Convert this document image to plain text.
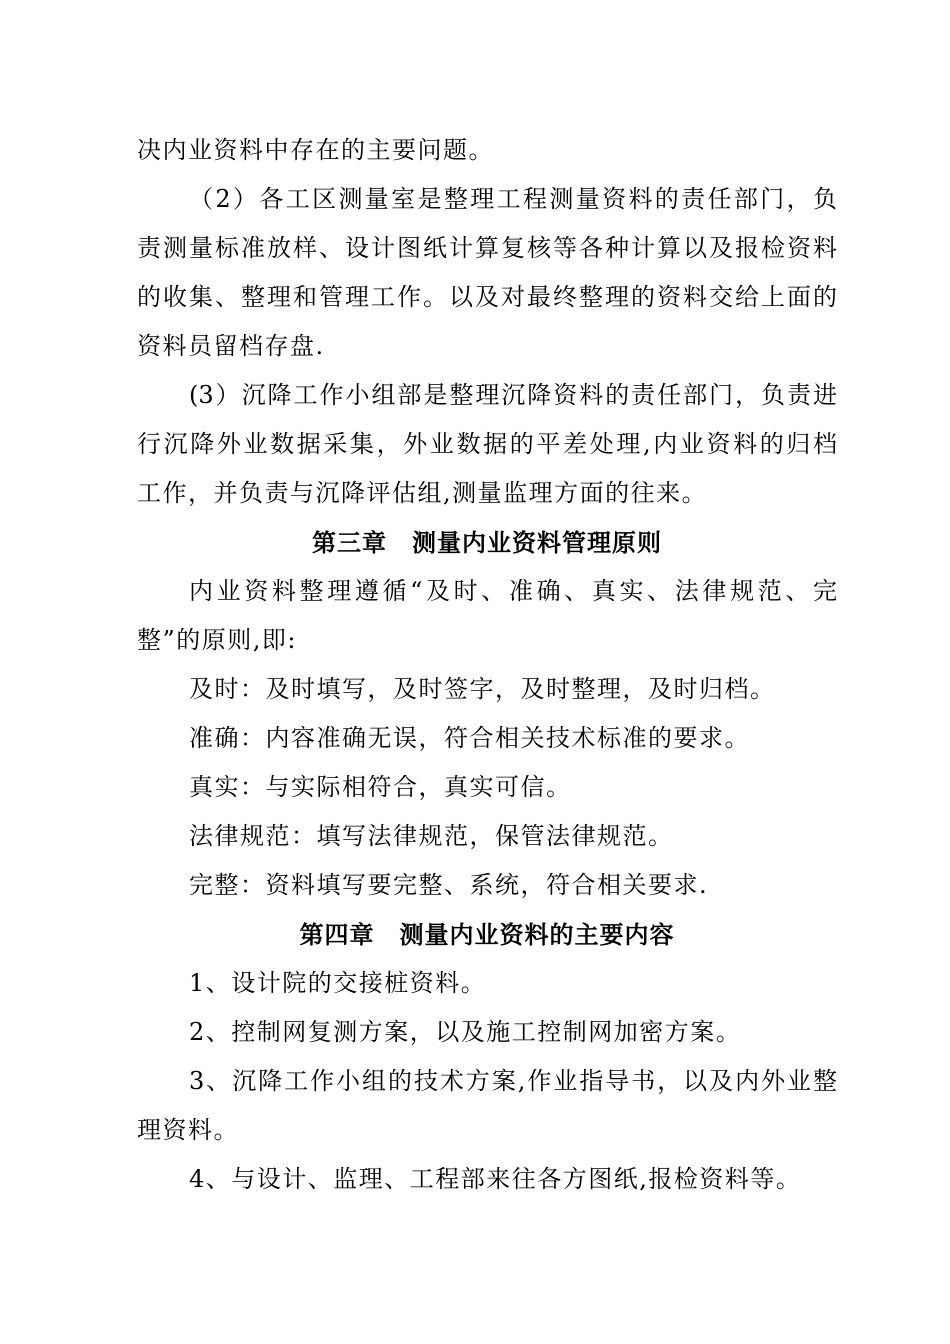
决内业资料中存在的主要问题。
（2）各工区测量室是整理工程测量资料的责任部门，负
责测量标准放样、设计图纸计算复核等各种计算以及报检资料
的收集、整理和管理工作。以及对最终整理的资料交给上面的
资料员留档存盘.
(3）沉降工作小组部是整理沉降资料的责任部门，负责进
行沉降外业数据采集，外业数据的平差处理,内业资料的归档
工作，并负责与沉降评估组,测量监理方面的往来。
第三章　测量内业资料管理原则
内业资料整理遵循“及时、准确、真实、法律规范、完
整”的原则,即:
及时：及时填写，及时签字，及时整理，及时归档。
准确：内容准确无误，符合相关技术标准的要求。
真实：与实际相符合，真实可信。
法律规范：填写法律规范，保管法律规范。
完整：资料填写要完整、系统，符合相关要求.
第四章　测量内业资料的主要内容
1、设计院的交接桩资料。
2、控制网复测方案，以及施工控制网加密方案。
3、沉降工作小组的技术方案,作业指导书，以及内外业整
理资料。
4、与设计、监理、工程部来往各方图纸,报检资料等。
